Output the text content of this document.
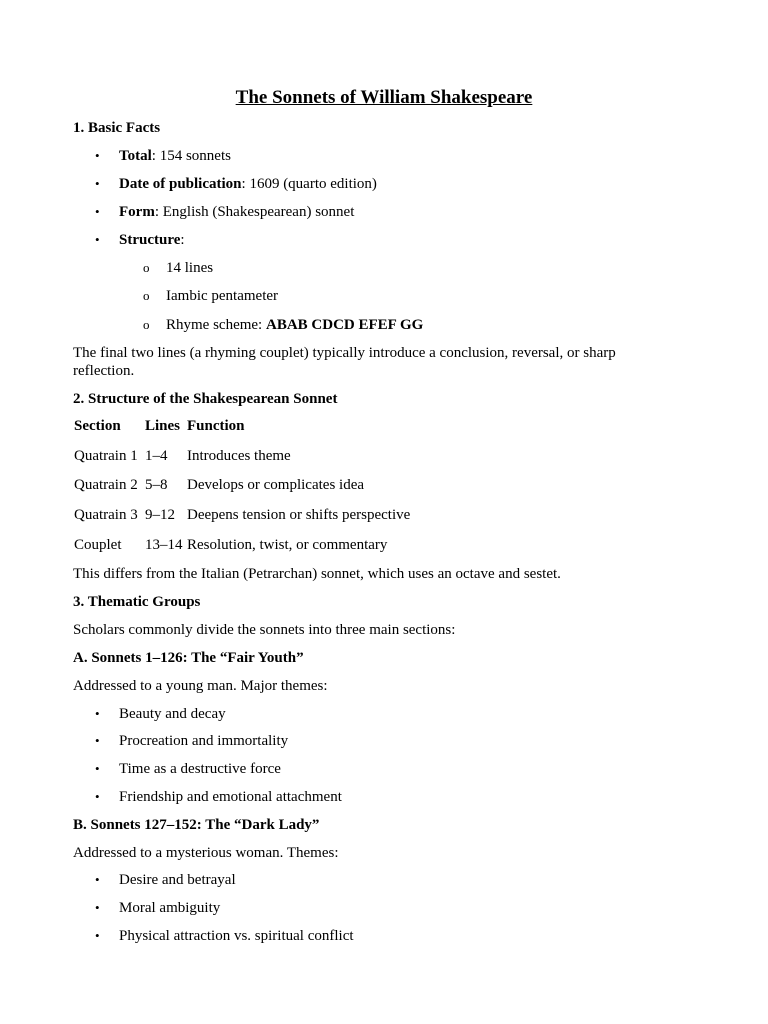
The Sonnets of William Shakespeare
1. Basic Facts
• Total: 154 sonnets
• Date of publication: 1609 (quarto edition)
• Form: English (Shakespearean) sonnet
• Structure:
o 14 lines
o Iambic pentameter
o Rhyme scheme: ABAB CDCD EFEF GG
The final two lines (a rhyming couplet) typically introduce a conclusion, reversal, or sharp reflection.
2. Structure of the Shakespearean Sonnet
Section	Lines	Function
Quatrain 1	1–4	Introduces theme
Quatrain 2	5–8	Develops or complicates idea
Quatrain 3	9–12	Deepens tension or shifts perspective
Couplet	13–14	Resolution, twist, or commentary
This differs from the Italian (Petrarchan) sonnet, which uses an octave and sestet.
3. Thematic Groups
Scholars commonly divide the sonnets into three main sections:
A. Sonnets 1–126: The “Fair Youth”
Addressed to a young man. Major themes:
• Beauty and decay
• Procreation and immortality
• Time as a destructive force
• Friendship and emotional attachment
B. Sonnets 127–152: The “Dark Lady”
Addressed to a mysterious woman. Themes:
• Desire and betrayal
• Moral ambiguity
• Physical attraction vs. spiritual conflict
